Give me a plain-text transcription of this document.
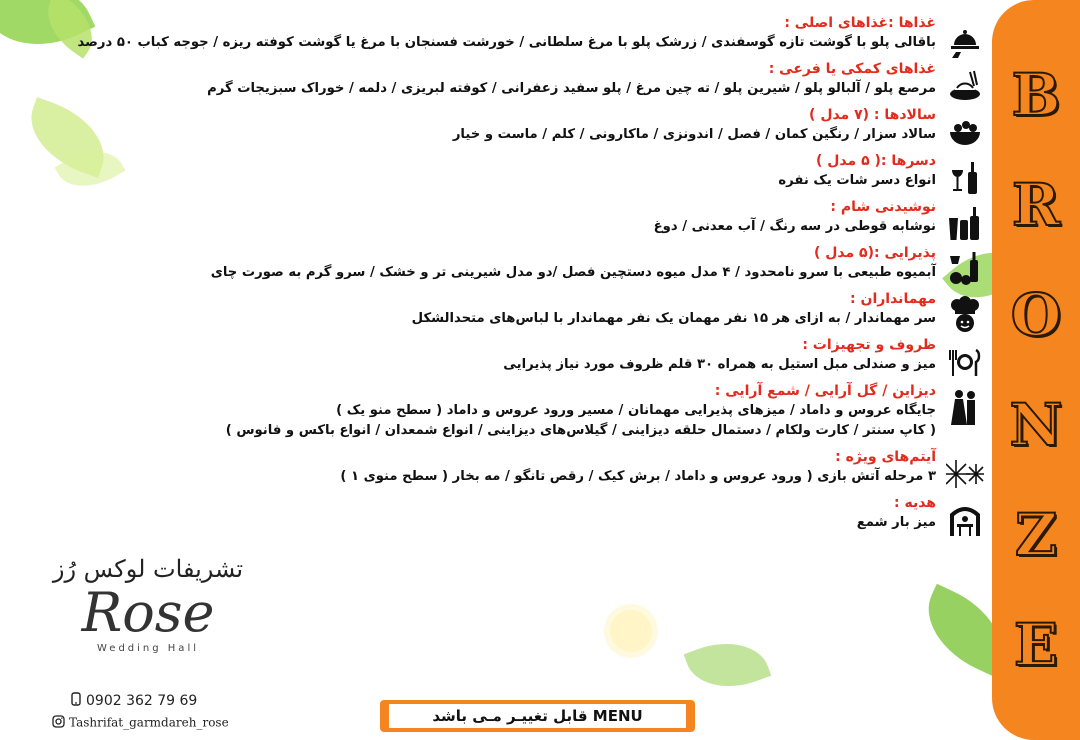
B
R
O
N
Z
E

غذاها :غذاهای اصلی :

باقالی پلو با گوشت تازه گوسفندی / زرشک پلو با مرغ سلطانی / خورشت فسنجان با مرغ یا گوشت کوفته ریزه / جوجه کباب ۵۰ درصد

غذاهای کمکی یا فرعی :

مرصع پلو / آلبالو پلو / شیرین پلو / ته چین مرغ / پلو سفید زعفرانی / کوفته لبریزی / دلمه / خوراک سبزیجات گرم

سالادها : (۷ مدل )

سالاد سزار / رنگین کمان / فصل / اندونزی / ماکارونی / کلم / ماست و خیار

دسرها :( ۵ مدل )

انواع دسر شات یک نفره

نوشیدنی شام :

نوشابه قوطی در سه رنگ / آب معدنی / دوغ

پذیرایی :(۵ مدل )

آبمیوه طبیعی با سرو نامحدود / ۴ مدل میوه دستچین فصل /دو مدل شیرینی تر و خشک / سرو گرم به صورت چای

مهمانداران :

سر مهماندار / به ازای هر ۱۵ نفر مهمان یک نفر مهماندار با لباس‌های متحدالشکل

ظروف و تجهیزات :

میز و صندلی مبل استیل به همراه ۳۰ قلم ظروف مورد نیاز پذیرایی

دیزاین / گل آرایی / شمع آرایی :

جایگاه عروس و داماد / میزهای پذیرایی مهمانان / مسیر ورود عروس و داماد ( سطح منو یک )

( کاپ سنتر / کارت ولکام / دستمال حلقه دیزاینی / گیلاس‌های دیزاینی / انواع شمعدان / انواع باکس و فانوس )

آیتم‌های ویژه :

۳ مرحله آتش بازی ( ورود عروس و داماد / برش کیک / رقص تانگو / مه بخار ( سطح منوی ۱ )

هدیه :

میز بار شمع

تشریفات لوکس رُز
Rose
Wedding Hall
0902 362 79 69
Tashrifat_garmdareh_rose	MENU قابل تغییـر مـی باشد
